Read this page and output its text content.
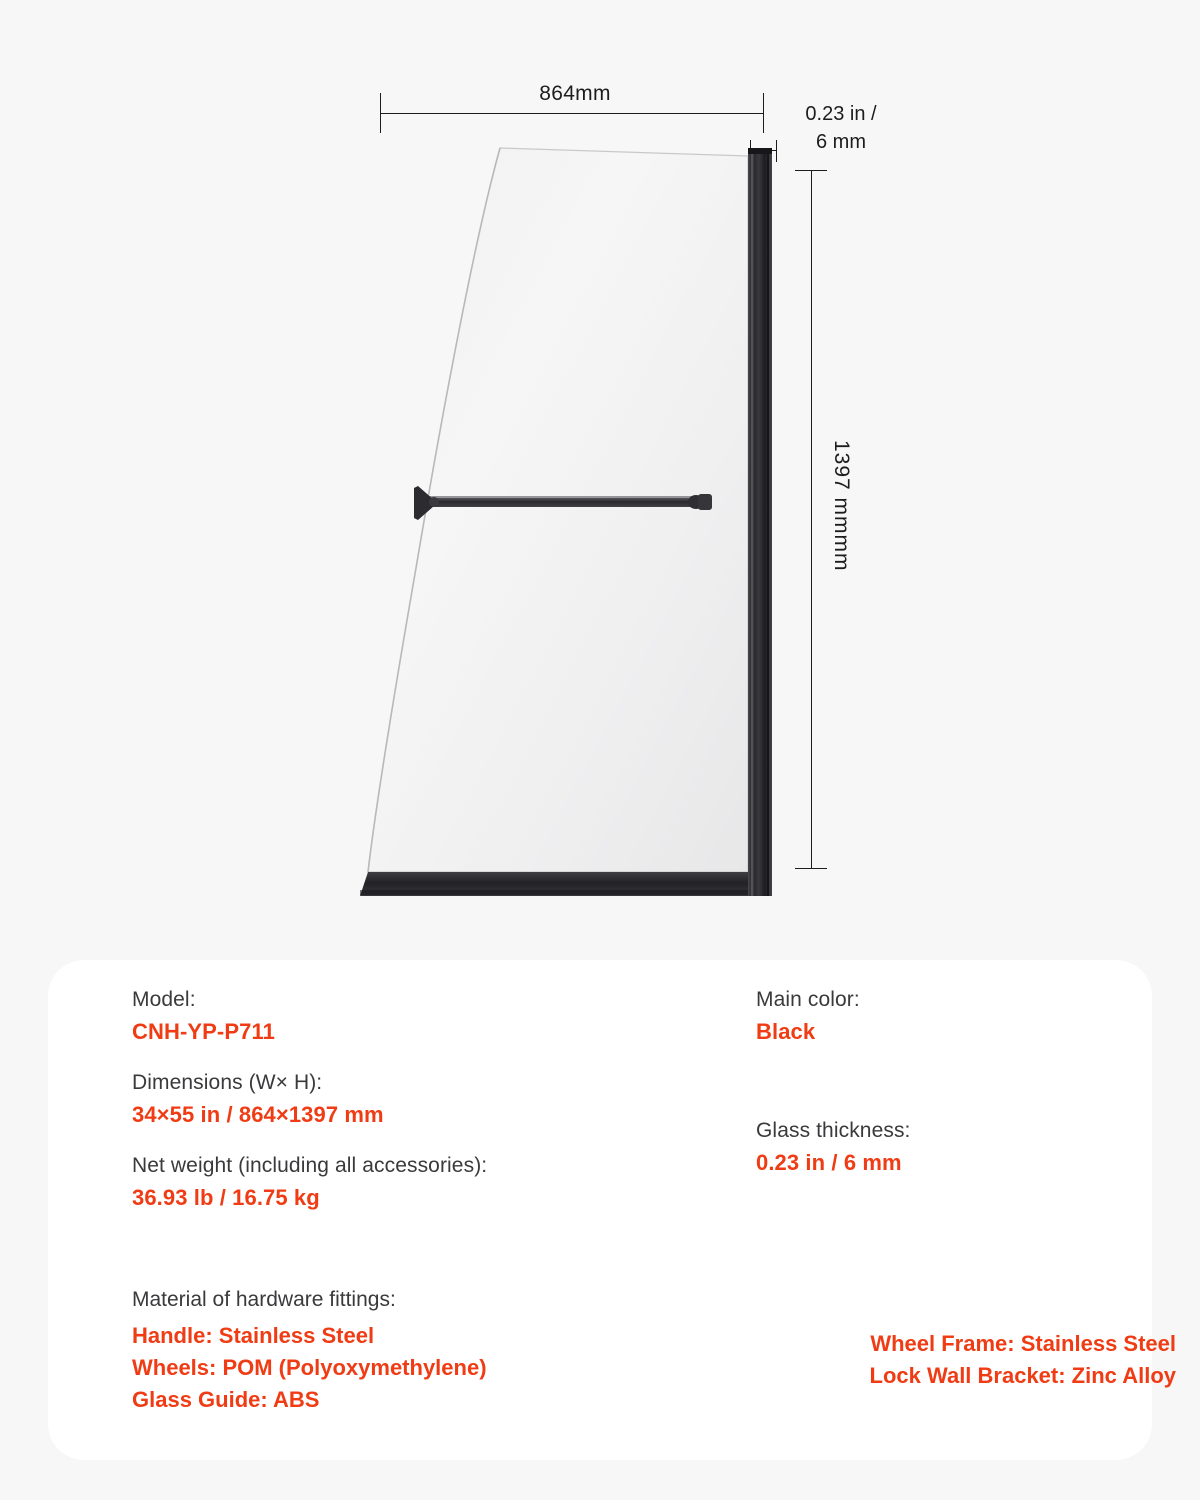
864mm
0.23 in /
6 mm
1397 mmmm
Model:
CNH-YP-P711
Dimensions (W× H):
34×55 in / 864×1397 mm
Net weight (including all accessories):
36.93 lb / 16.75 kg
Main color:
Black
Glass thickness:
0.23 in / 6 mm
Material of hardware fittings:
Handle: Stainless Steel
Wheels: POM (Polyoxymethylene)
Glass Guide: ABS
Wheel Frame: Stainless Steel
Lock Wall Bracket: Zinc Alloy
